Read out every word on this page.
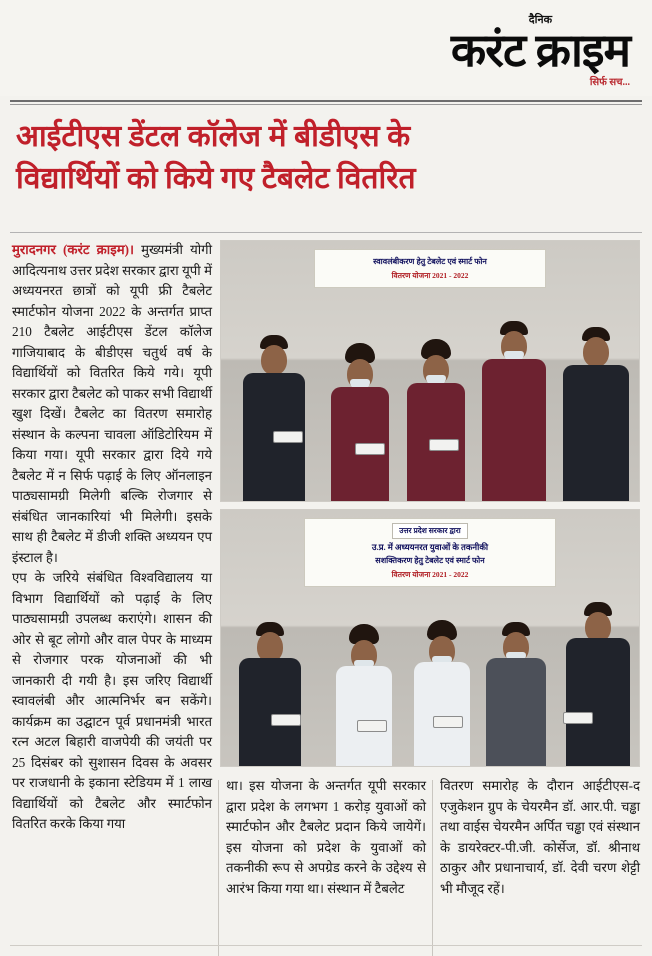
दैनिक
करंट क्राइम
सिर्फ सच...
आईटीएस डेंटल कॉलेज में बीडीएस के
विद्यार्थियों को किये गए टैबलेट वितरित

मुरादनगर (करंट क्राइम)। मुख्यमंत्री योगी आदित्यनाथ उत्तर प्रदेश सरकार द्वारा यूपी में अध्ययनरत छात्रों को यूपी फ्री टैबलेट स्मार्टफोन योजना 2022 के अन्तर्गत प्राप्त 210 टैबलेट आईटीएस डेंटल कॉलेज गाजियाबाद के बीडीएस चतुर्थ वर्ष के विद्यार्थियों को वितरित किये गये। यूपी सरकार द्वारा टैबलेट को पाकर सभी विद्यार्थी खुश दिखें। टैबलेट का वितरण समारोह संस्थान के कल्पना चावला ऑडिटोरियम में किया गया। यूपी सरकार द्वारा दिये गये टैबलेट में न सिर्फ पढ़ाई के लिए ऑनलाइन पाठ्यसामग्री मिलेगी बल्कि रोजगार से संबंधित जानकारियां भी मिलेगी। इसके साथ ही टैबलेट में डीजी शक्ति अध्ययन एप इंस्टाल है।

एप के जरिये संबंधित विश्वविद्यालय या विभाग विद्यार्थियों को पढ़ाई के लिए पाठ्यसामग्री उपलब्ध कराएंगे। शासन की ओर से बूट लोगो और वाल पेपर के माध्यम से रोजगार परक योजनाओं की भी जानकारी दी गयी है। इस जरिए विद्यार्थी स्वावलंबी और आत्मनिर्भर बन सकेंगे। कार्यक्रम का उद्घाटन पूर्व प्रधानमंत्री भारत रत्न अटल बिहारी वाजपेयी की जयंती पर 25 दिसंबर को सुशासन दिवस के अवसर पर राजधानी के इकाना स्टेडियम में 1 लाख विद्यार्थियों को टैबलेट और स्मार्टफोन वितरित करके किया गया

स्वावलंबीकरण हेतु टेबलेट एवं स्मार्ट फोन
वितरण योजना 2021 - 2022
उत्तर प्रदेश सरकार द्वारा
उ.प्र. में अध्ययनरत युवाओं के तकनीकी
सशक्तिकरण हेतु टेबलेट एवं स्मार्ट फोन
वितरण योजना 2021 - 2022
था। इस योजना के अन्तर्गत यूपी सरकार द्वारा प्रदेश के लगभग 1 करोड़ युवाओं को स्मार्टफोन और टैबलेट प्रदान किये जायेगें। इस योजना को प्रदेश के युवाओं को तकनीकी रूप से अपग्रेड करने के उद्देश्य से आरंभ किया गया था। संस्थान में टैबलेट
वितरण समारोह के दौरान आईटीएस-द एजुकेशन ग्रुप के चेयरमैन डॉ. आर.पी. चड्ढा तथा वाईस चेयरमैन अर्पित चड्ढा एवं संस्थान के डायरेक्टर-पी.जी. कोर्सेज, डॉ. श्रीनाथ ठाकुर और प्रधानाचार्य, डॉ. देवी चरण शेट्टी भी मौजूद रहें।
